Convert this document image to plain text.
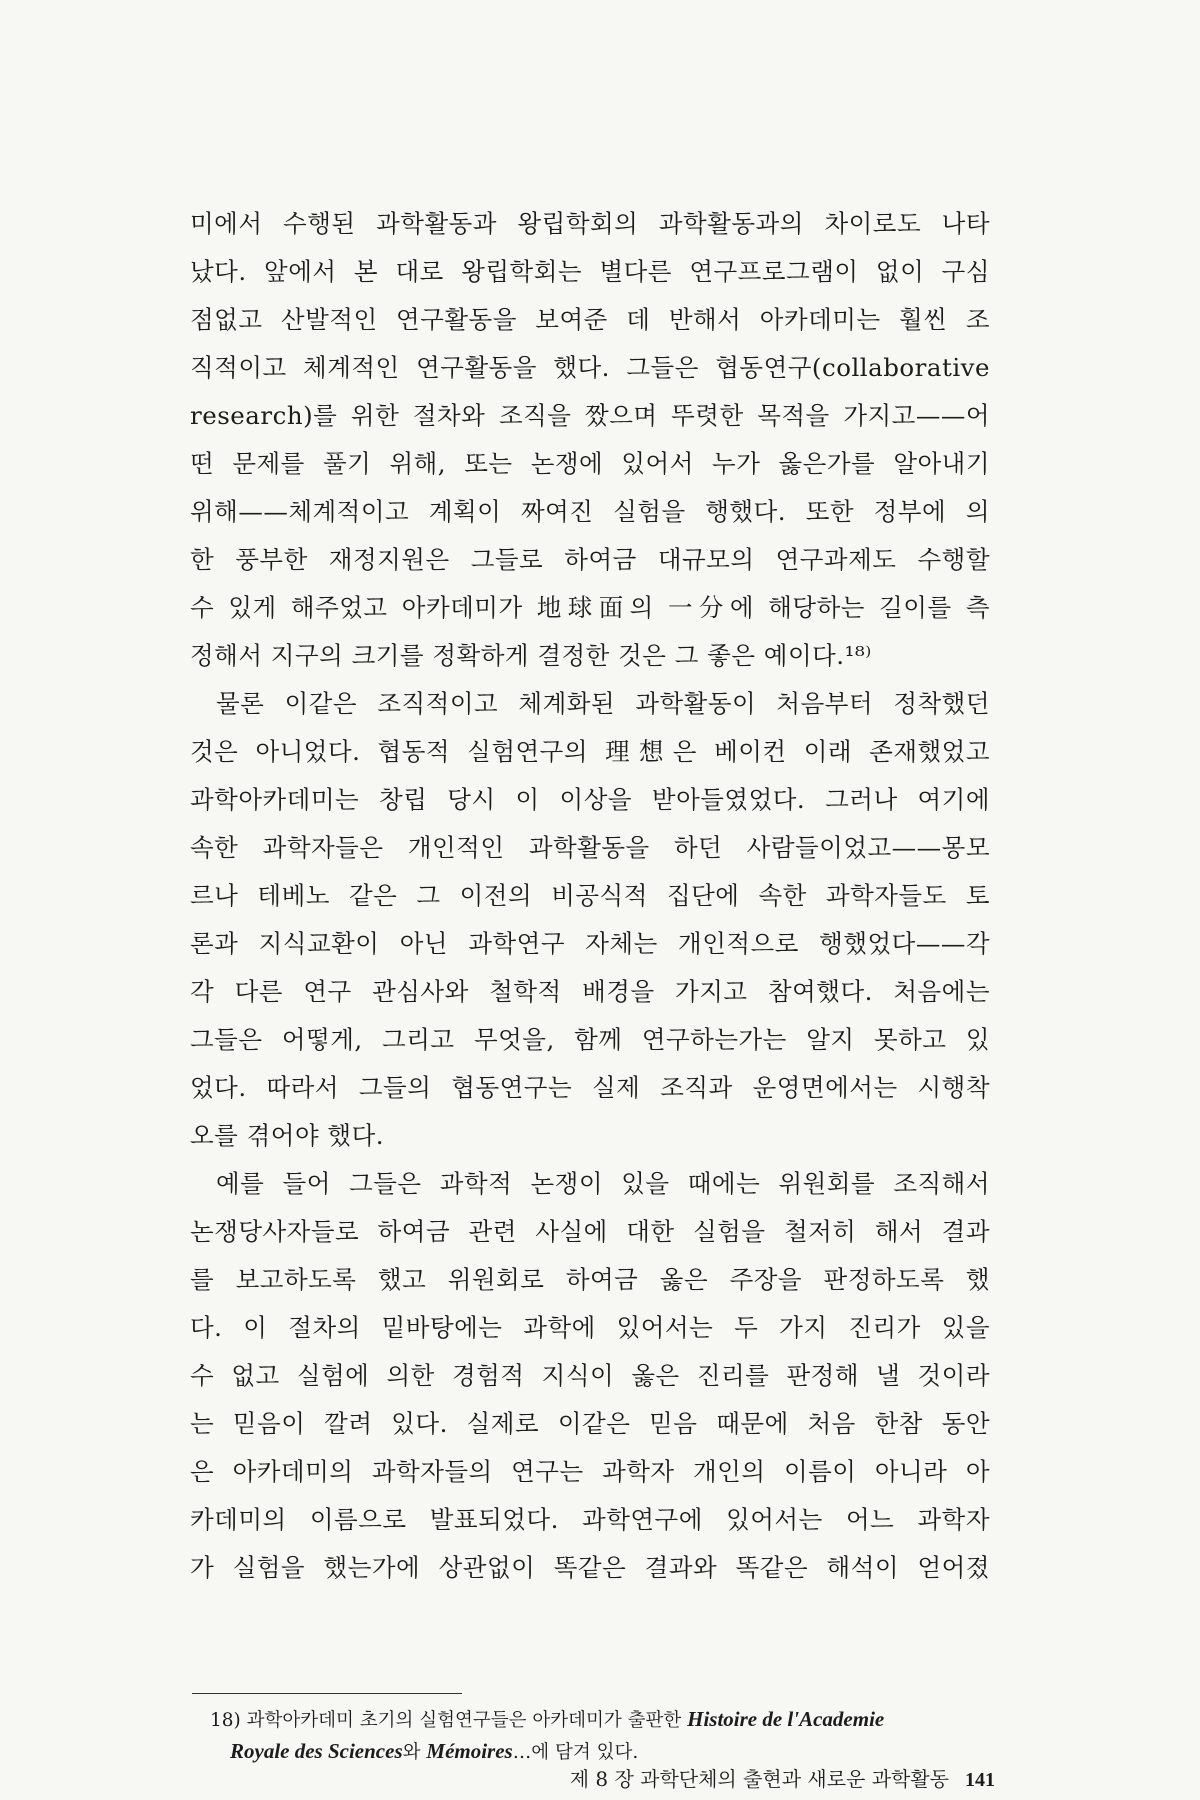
미에서 수행된 과학활동과 왕립학회의 과학활동과의 차이로도 나타
났다. 앞에서 본 대로 왕립학회는 별다른 연구프로그램이 없이 구심
점없고 산발적인 연구활동을 보여준 데 반해서 아카데미는 훨씬 조
직적이고 체계적인 연구활동을 했다. 그들은 협동연구(collaborative
research)를 위한 절차와 조직을 짰으며 뚜렷한 목적을 가지고——어
떤 문제를 풀기 위해, 또는 논쟁에 있어서 누가 옳은가를 알아내기
위해——체계적이고 계획이 짜여진 실험을 행했다. 또한 정부에 의
한 풍부한 재정지원은 그들로 하여금 대규모의 연구과제도 수행할
수 있게 해주었고 아카데미가 地球面의 一分에 해당하는 길이를 측
정해서 지구의 크기를 정확하게 결정한 것은 그 좋은 예이다.¹⁸⁾
물론 이같은 조직적이고 체계화된 과학활동이 처음부터 정착했던
것은 아니었다. 협동적 실험연구의 理想은 베이컨 이래 존재했었고
과학아카데미는 창립 당시 이 이상을 받아들였었다. 그러나 여기에
속한 과학자들은 개인적인 과학활동을 하던 사람들이었고——몽모
르나 테베노 같은 그 이전의 비공식적 집단에 속한 과학자들도 토
론과 지식교환이 아닌 과학연구 자체는 개인적으로 행했었다——각
각 다른 연구 관심사와 철학적 배경을 가지고 참여했다. 처음에는
그들은 어떻게, 그리고 무엇을, 함께 연구하는가는 알지 못하고 있
었다. 따라서 그들의 협동연구는 실제 조직과 운영면에서는 시행착
오를 겪어야 했다.
예를 들어 그들은 과학적 논쟁이 있을 때에는 위원회를 조직해서
논쟁당사자들로 하여금 관련 사실에 대한 실험을 철저히 해서 결과
를 보고하도록 했고 위원회로 하여금 옳은 주장을 판정하도록 했
다. 이 절차의 밑바탕에는 과학에 있어서는 두 가지 진리가 있을
수 없고 실험에 의한 경험적 지식이 옳은 진리를 판정해 낼 것이라
는 믿음이 깔려 있다. 실제로 이같은 믿음 때문에 처음 한참 동안
은 아카데미의 과학자들의 연구는 과학자 개인의 이름이 아니라 아
카데미의 이름으로 발표되었다. 과학연구에 있어서는 어느 과학자
가 실험을 했는가에 상관없이 똑같은 결과와 똑같은 해석이 얻어졌
18) 과학아카데미 초기의 실험연구들은 아카데미가 출판한 Histoire de l'Academie
Royale des Sciences와 Mémoires…에 담겨 있다.
제 8 장 과학단체의 출현과 새로운 과학활동 141
